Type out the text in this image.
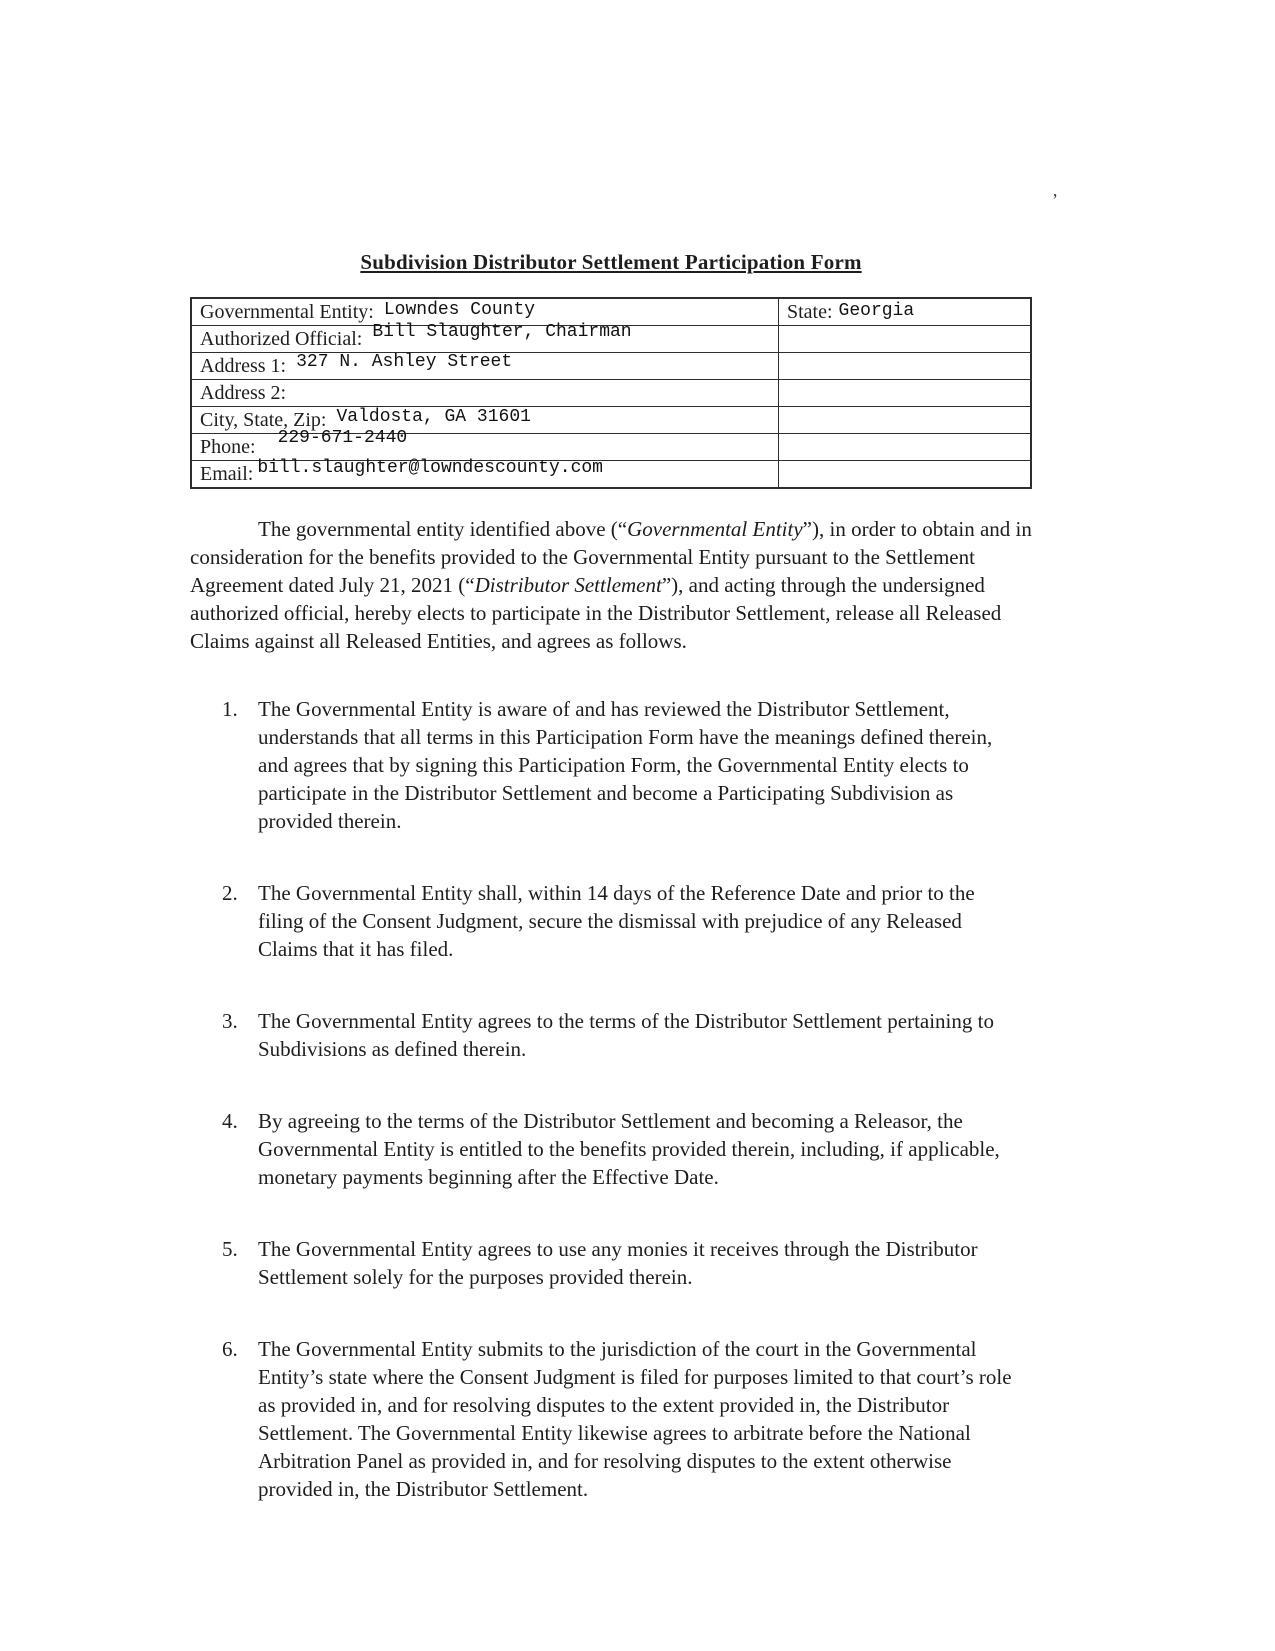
’
Subdivision Distributor Settlement Participation Form
Governmental Entity: Lowndes County	State: Georgia
Authorized Official: Bill Slaughter, Chairman
Address 1: 327 N. Ashley Street
Address 2:
City, State, Zip: Valdosta, GA 31601
Phone: 229-671-2440
Email: bill.slaughter@lowndescounty.com

The governmental entity identified above (“Governmental Entity”), in order to obtain and in consideration for the benefits provided to the Governmental Entity pursuant to the Settlement Agreement dated July 21, 2021 (“Distributor Settlement”), and acting through the undersigned authorized official, hereby elects to participate in the Distributor Settlement, release all Released Claims against all Released Entities, and agrees as follows.

1. The Governmental Entity is aware of and has reviewed the Distributor Settlement, understands that all terms in this Participation Form have the meanings defined therein, and agrees that by signing this Participation Form, the Governmental Entity elects to participate in the Distributor Settlement and become a Participating Subdivision as provided therein.
2. The Governmental Entity shall, within 14 days of the Reference Date and prior to the filing of the Consent Judgment, secure the dismissal with prejudice of any Released Claims that it has filed.
3. The Governmental Entity agrees to the terms of the Distributor Settlement pertaining to Subdivisions as defined therein.
4. By agreeing to the terms of the Distributor Settlement and becoming a Releasor, the Governmental Entity is entitled to the benefits provided therein, including, if applicable, monetary payments beginning after the Effective Date.
5. The Governmental Entity agrees to use any monies it receives through the Distributor Settlement solely for the purposes provided therein.
6. The Governmental Entity submits to the jurisdiction of the court in the Governmental Entity’s state where the Consent Judgment is filed for purposes limited to that court’s role as provided in, and for resolving disputes to the extent provided in, the Distributor Settlement. The Governmental Entity likewise agrees to arbitrate before the National Arbitration Panel as provided in, and for resolving disputes to the extent otherwise provided in, the Distributor Settlement.
